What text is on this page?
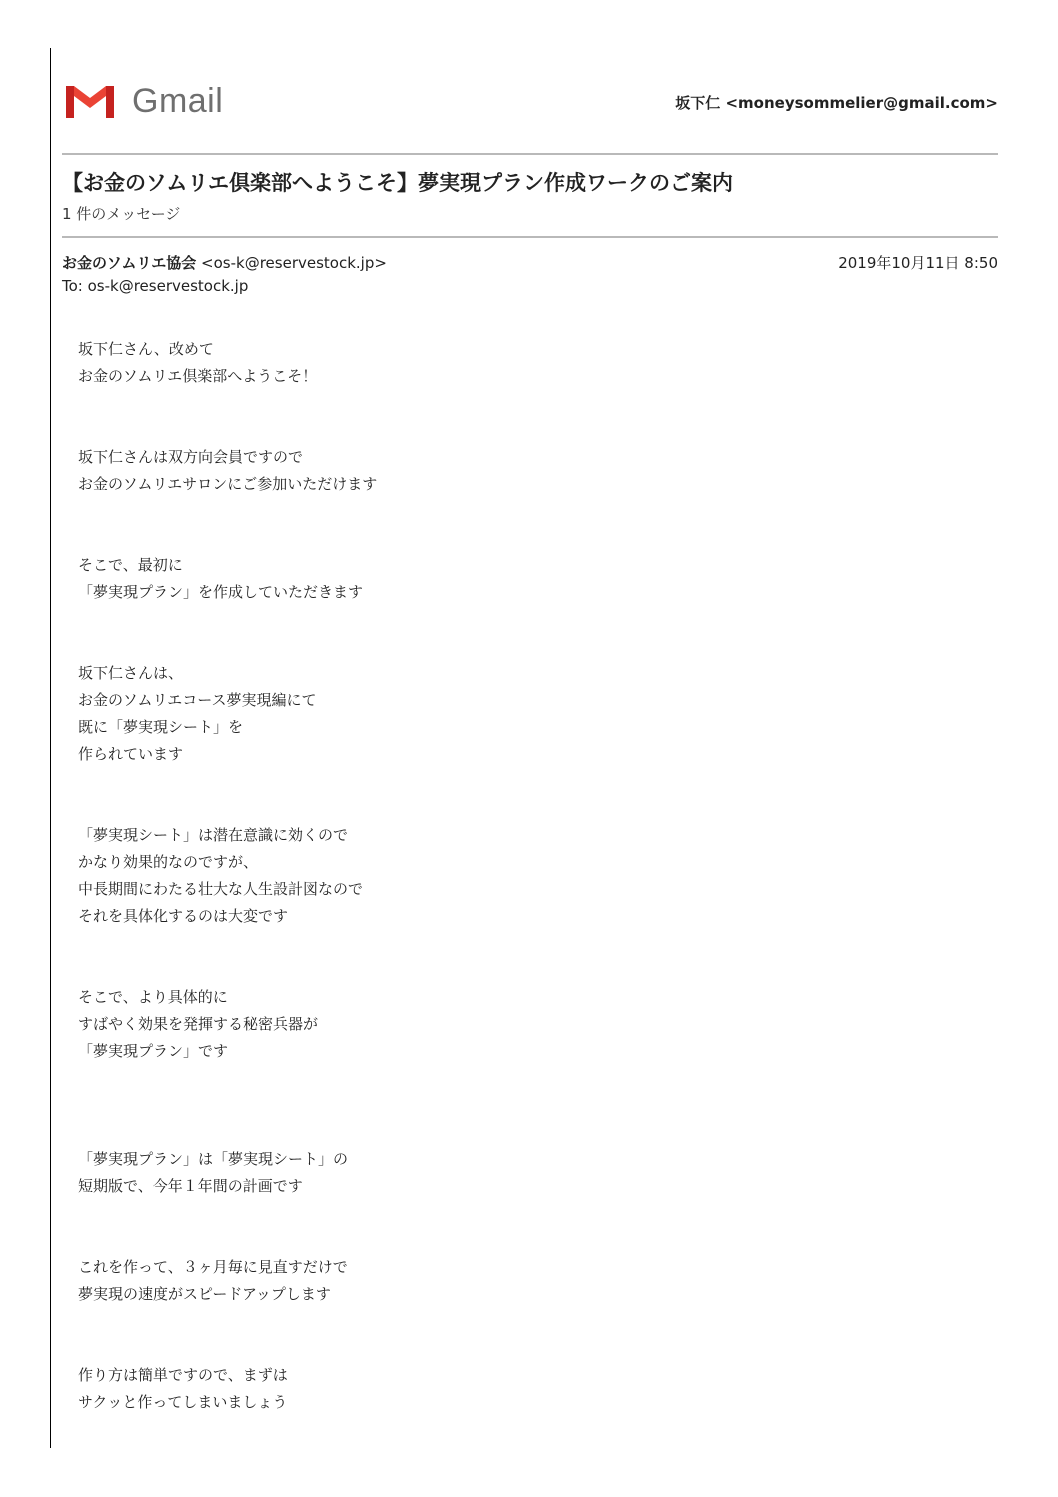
Gmail	坂下仁 <moneysommelier@gmail.com>
【お金のソムリエ倶楽部へようこそ】夢実現プラン作成ワークのご案内
1 件のメッセージ
お金のソムリエ協会 <os-k@reservestock.jp>	2019年10月11日 8:50
To: os-k@reservestock.jp
坂下仁さん、改めて
お金のソムリエ倶楽部へようこそ！
坂下仁さんは双方向会員ですので
お金のソムリエサロンにご参加いただけます
そこで、最初に
「夢実現プラン」を作成していただきます
坂下仁さんは、
お金のソムリエコース夢実現編にて
既に「夢実現シート」を
作られています
「夢実現シート」は潜在意識に効くので
かなり効果的なのですが、
中長期間にわたる壮大な人生設計図なので
それを具体化するのは大変です
そこで、より具体的に
すばやく効果を発揮する秘密兵器が
「夢実現プラン」です
「夢実現プラン」は「夢実現シート」の
短期版で、今年１年間の計画です
これを作って、３ヶ月毎に見直すだけで
夢実現の速度がスピードアップします
作り方は簡単ですので、まずは
サクッと作ってしまいましょう
